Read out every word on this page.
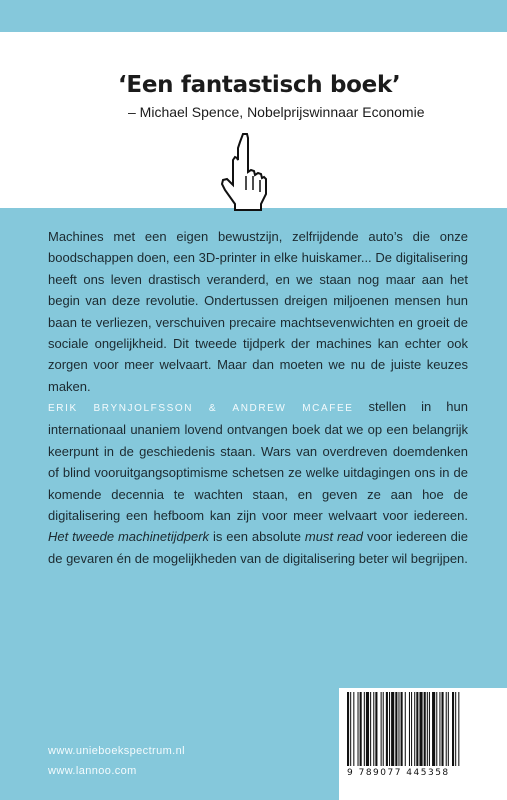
‘Een fantastisch boek’
– Michael Spence, Nobelprijswinnaar Economie

Machines met een eigen bewustzijn, zelfrijdende auto’s die onze boodschappen doen, een 3D-printer in elke huiskamer... De digitalisering heeft ons leven drastisch veranderd, en we staan nog maar aan het begin van deze revolutie. Ondertussen dreigen miljoenen mensen hun baan te verliezen, verschuiven precaire machtsevenwichten en groeit de sociale ongelijkheid. Dit tweede tijdperk der machines kan echter ook zorgen voor meer welvaart. Maar dan moeten we nu de juiste keuzes maken.

ERIK BRYNJOLFSSON & ANDREW MCAFEE stellen in hun internationaal unaniem lovend ontvangen boek dat we op een belangrijk keerpunt in de geschiedenis staan. Wars van overdreven doemdenken of blind vooruitgangsoptimisme schetsen ze welke uitdagingen ons in de komende decennia te wachten staan, en geven ze aan hoe de digitalisering een hefboom kan zijn voor meer welvaart voor iedereen. Het tweede machinetijdperk is een absolute must read voor iedereen die de gevaren én de mogelijkheden van de digitalisering beter wil begrijpen.

www.unieboekspectrum.nl
www.lannoo.com	9 789077 445358
